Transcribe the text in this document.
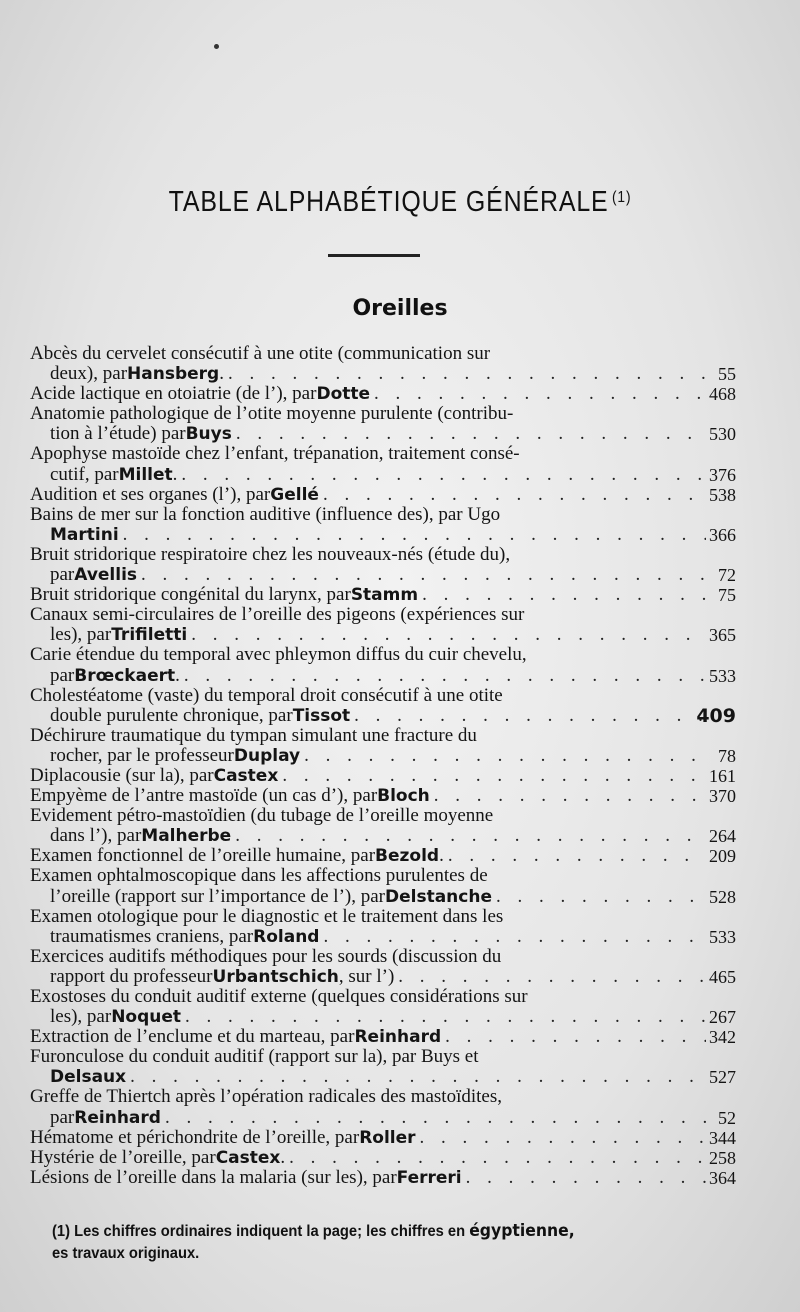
TABLE ALPHABÉTIQUE GÉNÉRALE $^{(1)}$
Oreilles
Abcès du cervelet consécutif à une otite (communication sur
deux), par Hansberg . . . .	55
Acide lactique en otoiatrie (de l’), par Dotte . . .	468
Anatomie pathologique de l’otite moyenne purulente (contribu-
tion à l’étude) par Buys . . .	530
Apophyse mastoïde chez l’enfant, trépanation, traitement consé-
cutif, par Millet . . . .	376
Audition et ses organes (l’), par Gellé . . .	538
Bains de mer sur la fonction auditive (influence des), par Ugo
Martini . . .	366
Bruit stridorique respiratoire chez les nouveaux-nés (étude du),
par Avellis . . .	72
Bruit stridorique congénital du larynx, par Stamm . . .	75
Canaux semi-circulaires de l’oreille des pigeons (expériences sur
les), par Trifiletti . . .	365
Carie étendue du temporal avec phleymon diffus du cuir chevelu,
par Brœckaert . . . .	533
Cholestéatome (vaste) du temporal droit consécutif à une otite
double purulente chronique, par Tissot . . .	409
Déchirure traumatique du tympan simulant une fracture du
rocher, par le professeur Duplay . . .	78
Diplacousie (sur la), par Castex . . .	161
Empyème de l’antre mastoïde (un cas d’), par Bloch . . .	370
Evidement pétro-mastoïdien (du tubage de l’oreille moyenne
dans l’), par Malherbe . . .	264
Examen fonctionnel de l’oreille humaine, par Bezold . . . .	209
Examen ophtalmoscopique dans les affections purulentes de
l’oreille (rapport sur l’importance de l’), par Delstanche . . .	528
Examen otologique pour le diagnostic et le traitement dans les
traumatismes craniens, par Roland . . .	533
Exercices auditifs méthodiques pour les sourds (discussion du
rapport du professeur Urbantschich , sur l’) . . .	465
Exostoses du conduit auditif externe (quelques considérations sur
les), par Noquet . . .	267
Extraction de l’enclume et du marteau, par Reinhard . . .	342
Furonculose du conduit auditif (rapport sur la), par Buys et
Delsaux . . .	527
Greffe de Thiertch après l’opération radicales des mastoïdites,
par Reinhard . . .	52
Hématome et périchondrite de l’oreille, par Roller . . .	344
Hystérie de l’oreille, par Castex . . . .	258
Lésions de l’oreille dans la malaria (sur les), par Ferreri . . .	364
(1) Les chiffres ordinaires indiquent la page; les chiffres en égyptienne,
es travaux originaux.
